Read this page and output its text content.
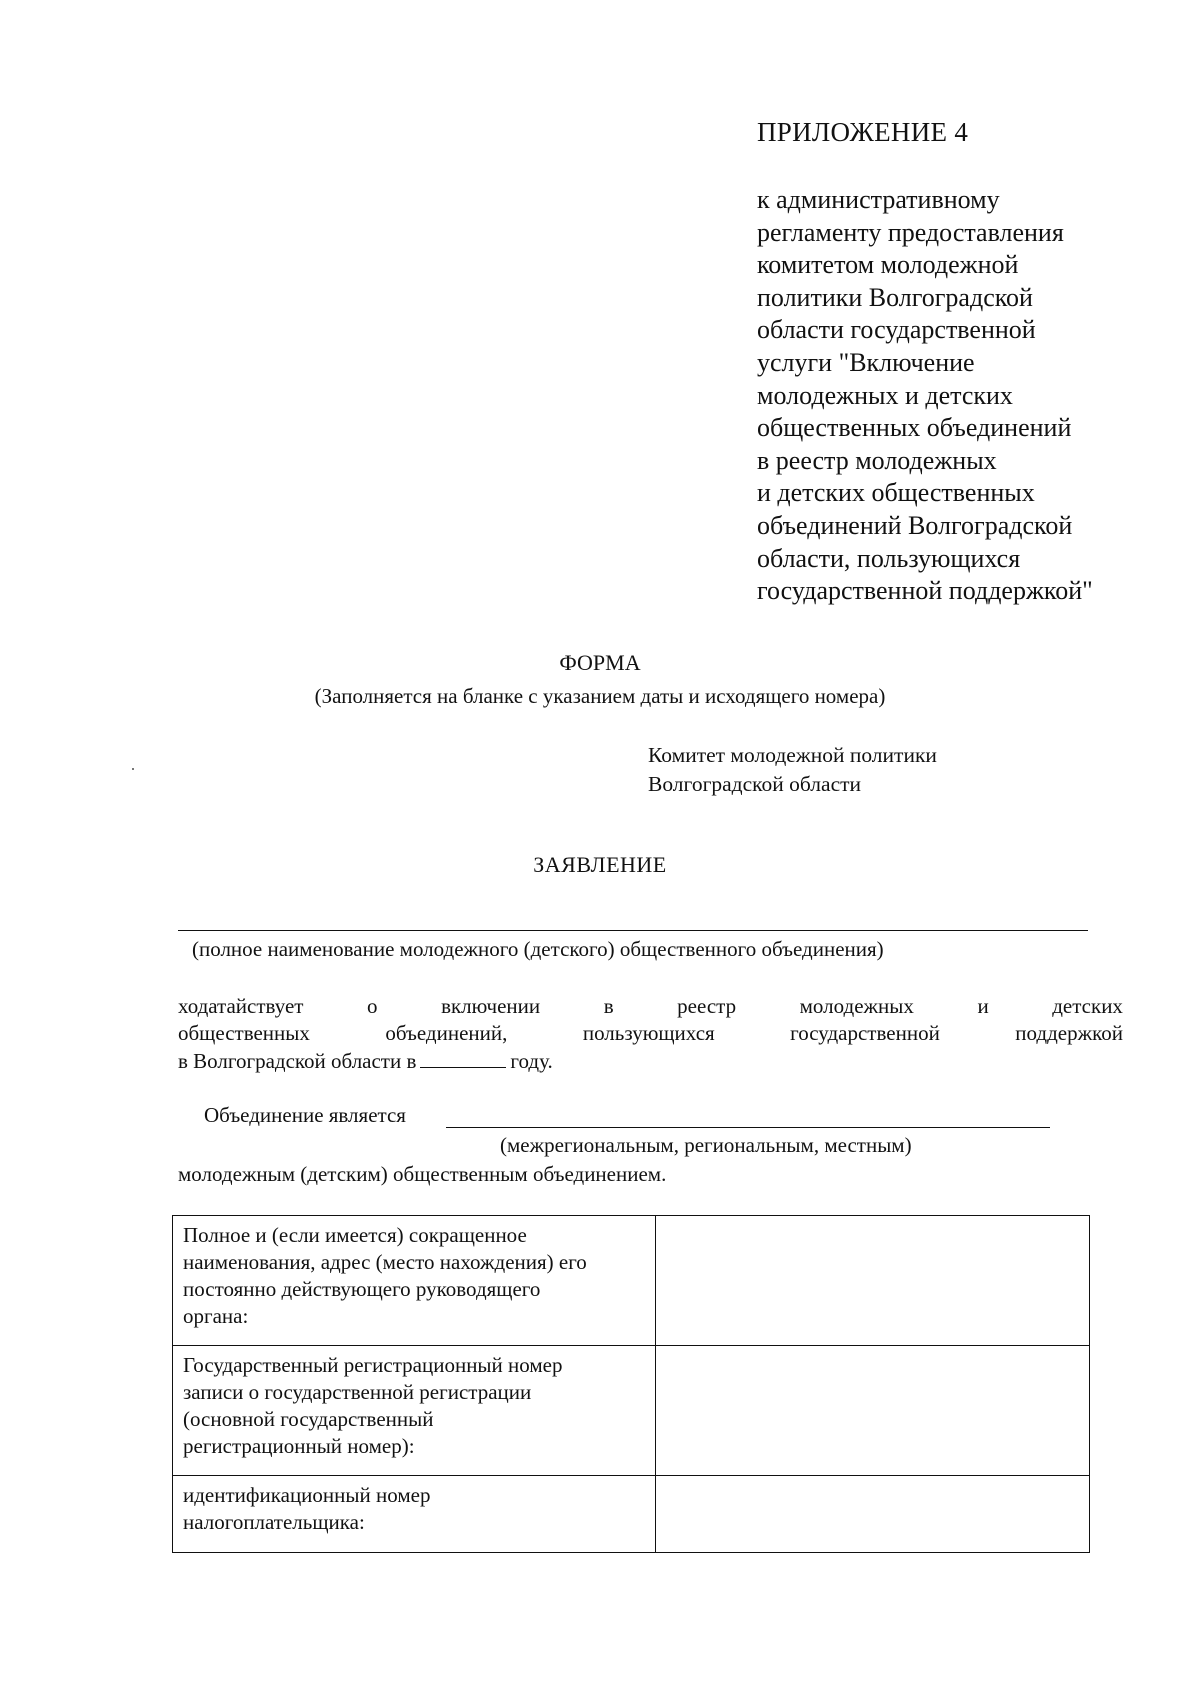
ПРИЛОЖЕНИЕ 4
к административному
регламенту предоставления
комитетом молодежной
политики Волгоградской
области государственной
услуги "Включение
молодежных и детских
общественных объединений
в реестр молодежных
и детских общественных
объединений Волгоградской
области, пользующихся
государственной поддержкой"
ФОРМА
(Заполняется на бланке с указанием даты и исходящего номера)
Комитет молодежной политики
Волгоградской области
ЗАЯВЛЕНИЕ
(полное наименование молодежного (детского) общественного объединения)
ходатайствует	о	включении	в	реестр	молодежных	и	детских
общественных	объединений,	пользующихся	государственной	поддержкой
в Волгоградской области в	году.
Объединение является
(межрегиональным, региональным, местным)
молодежным (детским) общественным объединением.
Полное и (если имеется) сокращенное
наименования, адрес (место нахождения) его
постоянно действующего руководящего
органа:	

Государственный регистрационный номер
записи о государственной регистрации
(основной государственный
регистрационный номер):	

идентификационный номер
налогоплательщика:	
